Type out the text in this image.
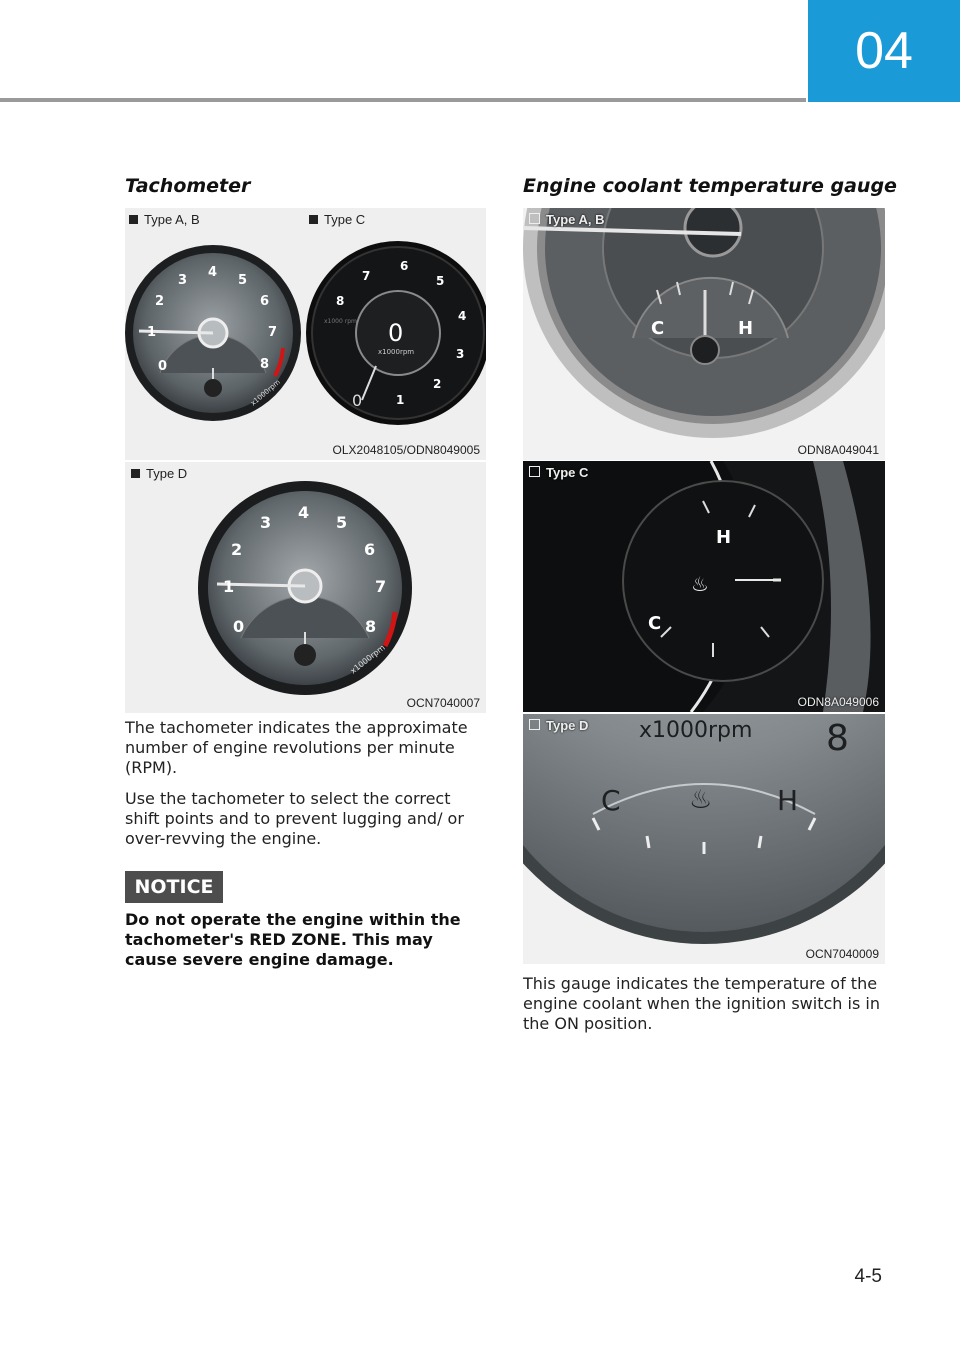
04
Tachometer
0
1
2
3
4
5
6
7
8
x1000rpm
Type A, B
0
x1000rpm
x1000 rpm
0	1
2
3
4
5
6
7
8
Type C
OLX2048105/ODN8049005
0
1
2
3
4
5
6
7
8
x1000rpm
Type D
OCN7040007
The tachometer indicates the approximate number of engine revolutions per minute (RPM).
Use the tachometer to select the correct shift points and to prevent lugging and/ or over-revving the engine.
NOTICE
Do not operate the engine within the tachometer's RED ZONE. This may cause severe engine damage.
Engine coolant temperature gauge
C	H
Type A, B
ODN8A049041
H
C
♨
Type C
ODN8A049006
x1000rpm 8
C	H
♨
Type D
OCN7040009
This gauge indicates the temperature of the engine coolant when the ignition switch is in the ON position.
4-5
